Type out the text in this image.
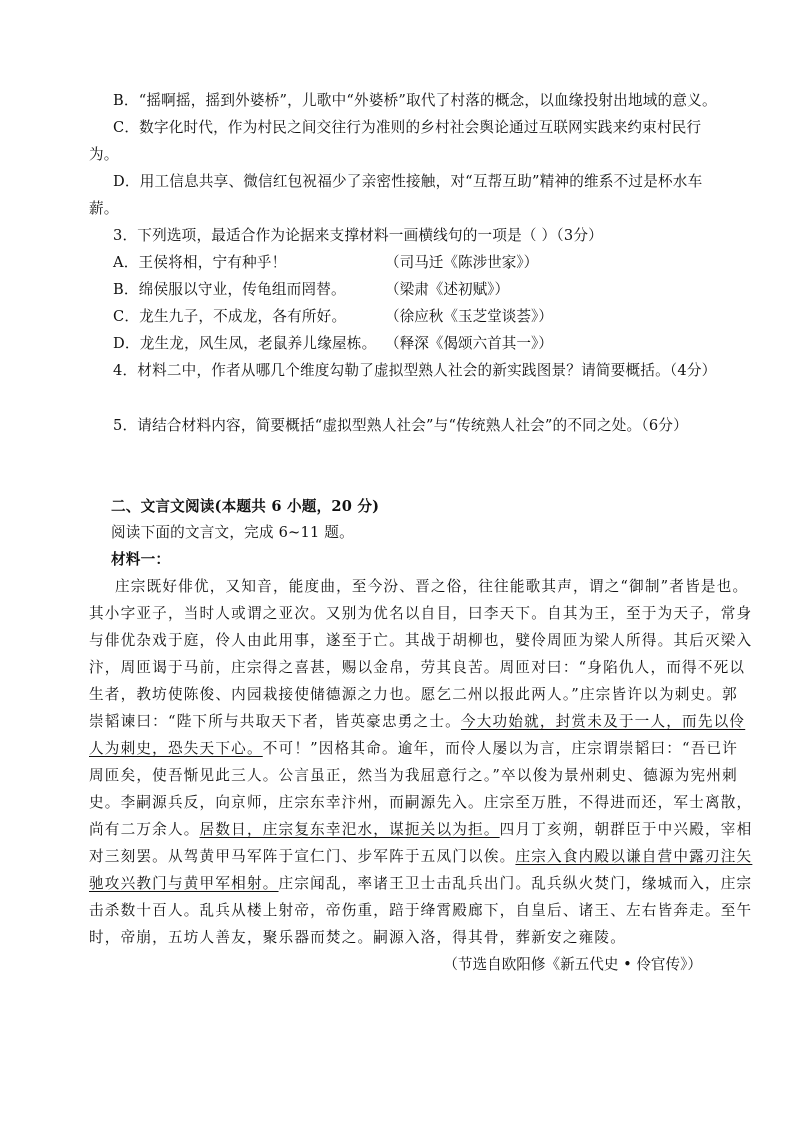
B．“摇啊摇，摇到外婆桥”，儿歌中“外婆桥”取代了村落的概念，以血缘投射出地域的意义。
C．数字化时代，作为村民之间交往行为准则的乡村社会舆论通过互联网实践来约束村民行
为。
D．用工信息共享、微信红包祝福少了亲密性接触，对“互帮互助”精神的维系不过是杯水车
薪。
3．下列选项，最适合作为论据来支撑材料一画横线句的一项是（ ）（3分）
A．王侯将相，宁有种乎！	（司马迁《陈涉世家》）
B．绵侯服以守业，传龟组而罔替。	（梁肃《述初赋》）
C．龙生九子，不成龙，各有所好。	（徐应秋《玉芝堂谈荟》）
D．龙生龙，风生凤，老鼠养儿缘屋栋。 （释深《偈颂六首其一》）
4．材料二中，作者从哪几个维度勾勒了虚拟型熟人社会的新实践图景？请简要概括。（4分）
5．请结合材料内容，简要概括“虚拟型熟人社会”与“传统熟人社会”的不同之处。（6分）
二、文言文阅读(本题共 6 小题，20 分)
阅读下面的文言文，完成 6~11 题。
材料一：
庄宗既好俳优，又知音，能度曲，至今汾、晋之俗，往往能歌其声，谓之“御制”者皆是也。
其小字亚子，当时人或谓之亚次。又别为优名以自目，曰李天下。自其为王，至于为天子，常身
与俳优杂戏于庭，伶人由此用事，遂至于亡。其战于胡柳也，嬖伶周匝为梁人所得。其后灭梁入
汴，周匝谒于马前，庄宗得之喜甚，赐以金帛，劳其良苦。周匝对曰：“身陷仇人，而得不死以
生者，教坊使陈俊、内园栽接使储德源之力也。愿乞二州以报此两人。”庄宗皆许以为刺史。郭
崇韬谏曰：“陛下所与共取天下者，皆英豪忠勇之士。今大功始就，封赏未及于一人，而先以伶
人为刺史，恐失天下心。不可！”因格其命。逾年，而伶人屡以为言，庄宗谓崇韬曰：“吾已许
周匝矣，使吾惭见此三人。公言虽正，然当为我屈意行之。”卒以俊为景州刺史、德源为宪州刺
史。李嗣源兵反，向京师，庄宗东幸汴州，而嗣源先入。庄宗至万胜，不得进而还，军士离散，
尚有二万余人。居数日，庄宗复东幸汜水，谋扼关以为拒。四月丁亥朔，朝群臣于中兴殿，宰相
对三刻罢。从驾黄甲马军阵于宣仁门、步军阵于五凤门以俟。庄宗入食内殿以谦自营中露刃注矢
驰攻兴教门与黄甲军相射。庄宗闻乱，率诸王卫士击乱兵出门。乱兵纵火焚门，缘城而入，庄宗
击杀数十百人。乱兵从楼上射帝，帝伤重，踣于绛霄殿廊下，自皇后、诸王、左右皆奔走。至午
时，帝崩，五坊人善友，聚乐器而焚之。嗣源入洛，得其骨，葬新安之雍陵。
（节选自欧阳修《新五代史 • 伶官传》）
